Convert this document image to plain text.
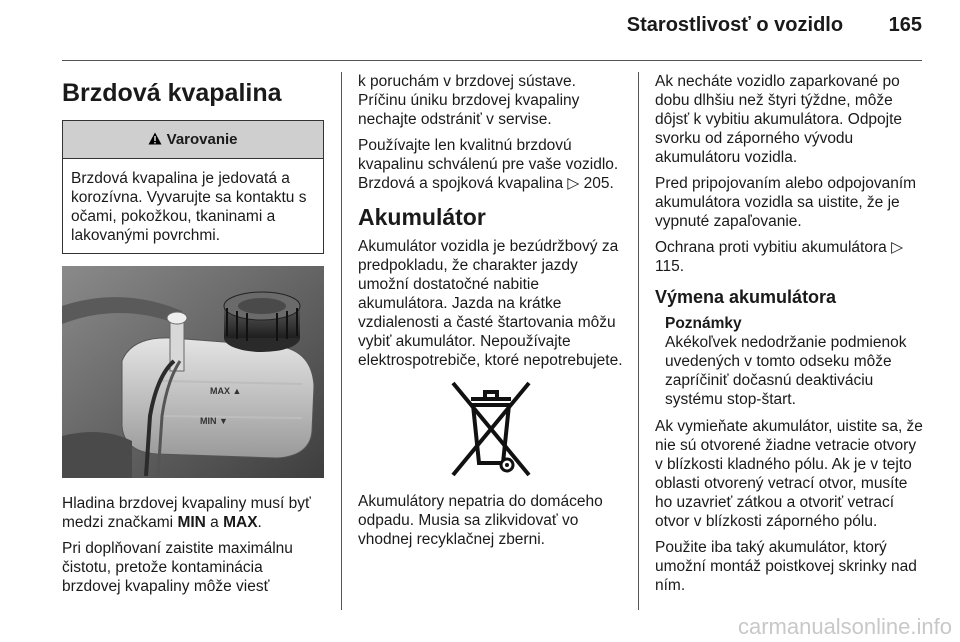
Starostlivosť o vozidlo 165
Brzdová kvapalina
Varovanie
Brzdová kvapalina je jedovatá a korozívna. Vyvarujte sa kontaktu s očami, pokožkou, tkaninami a lakovanými povrchmi.
MAX ▲
MIN ▼

Hladina brzdovej kvapaliny musí byť medzi značkami MIN a MAX.

Pri doplňovaní zaistite maximálnu čistotu, pretože kontaminácia brzdovej kvapaliny môže viesť

k poruchám v brzdovej sústave. Príčinu úniku brzdovej kvapaliny nechajte odstrániť v servise.

Používajte len kvalitnú brzdovú kvapalinu schválenú pre vaše vozidlo. Brzdová a spojková kvapalina ▷ 205.

Akumulátor

Akumulátor vozidla je bezúdržbový za predpokladu, že charakter jazdy umožní dostatočné nabitie akumulátora. Jazda na krátke vzdialenosti a časté štartovania môžu vybiť akumulátor. Nepoužívajte elektrospotrebiče, ktoré nepotrebujete.

Akumulátory nepatria do domáceho odpadu. Musia sa zlikvidovať vo vhodnej recyklačnej zberni.

Ak necháte vozidlo zaparkované po dobu dlhšiu než štyri týždne, môže dôjsť k vybitiu akumulátora. Odpojte svorku od záporného vývodu akumulátoru vozidla.

Pred pripojovaním alebo odpojovaním akumulátora vozidla sa uistite, že je vypnuté zapaľovanie.

Ochrana proti vybitiu akumulátora ▷ 115.

Výmena akumulátora
Poznámky
Akékoľvek nedodržanie podmienok uvedených v tomto odseku môže zapríčiniť dočasnú deaktiváciu systému stop-štart.

Ak vymieňate akumulátor, uistite sa, že nie sú otvorené žiadne vetracie otvory v blízkosti kladného pólu. Ak je v tejto oblasti otvorený vetrací otvor, musíte ho uzavrieť zátkou a otvoriť vetrací otvor v blízkosti záporného pólu.

Použite iba taký akumulátor, ktorý umožní montáž poistkovej skrinky nad ním.

carmanualsonline.info
